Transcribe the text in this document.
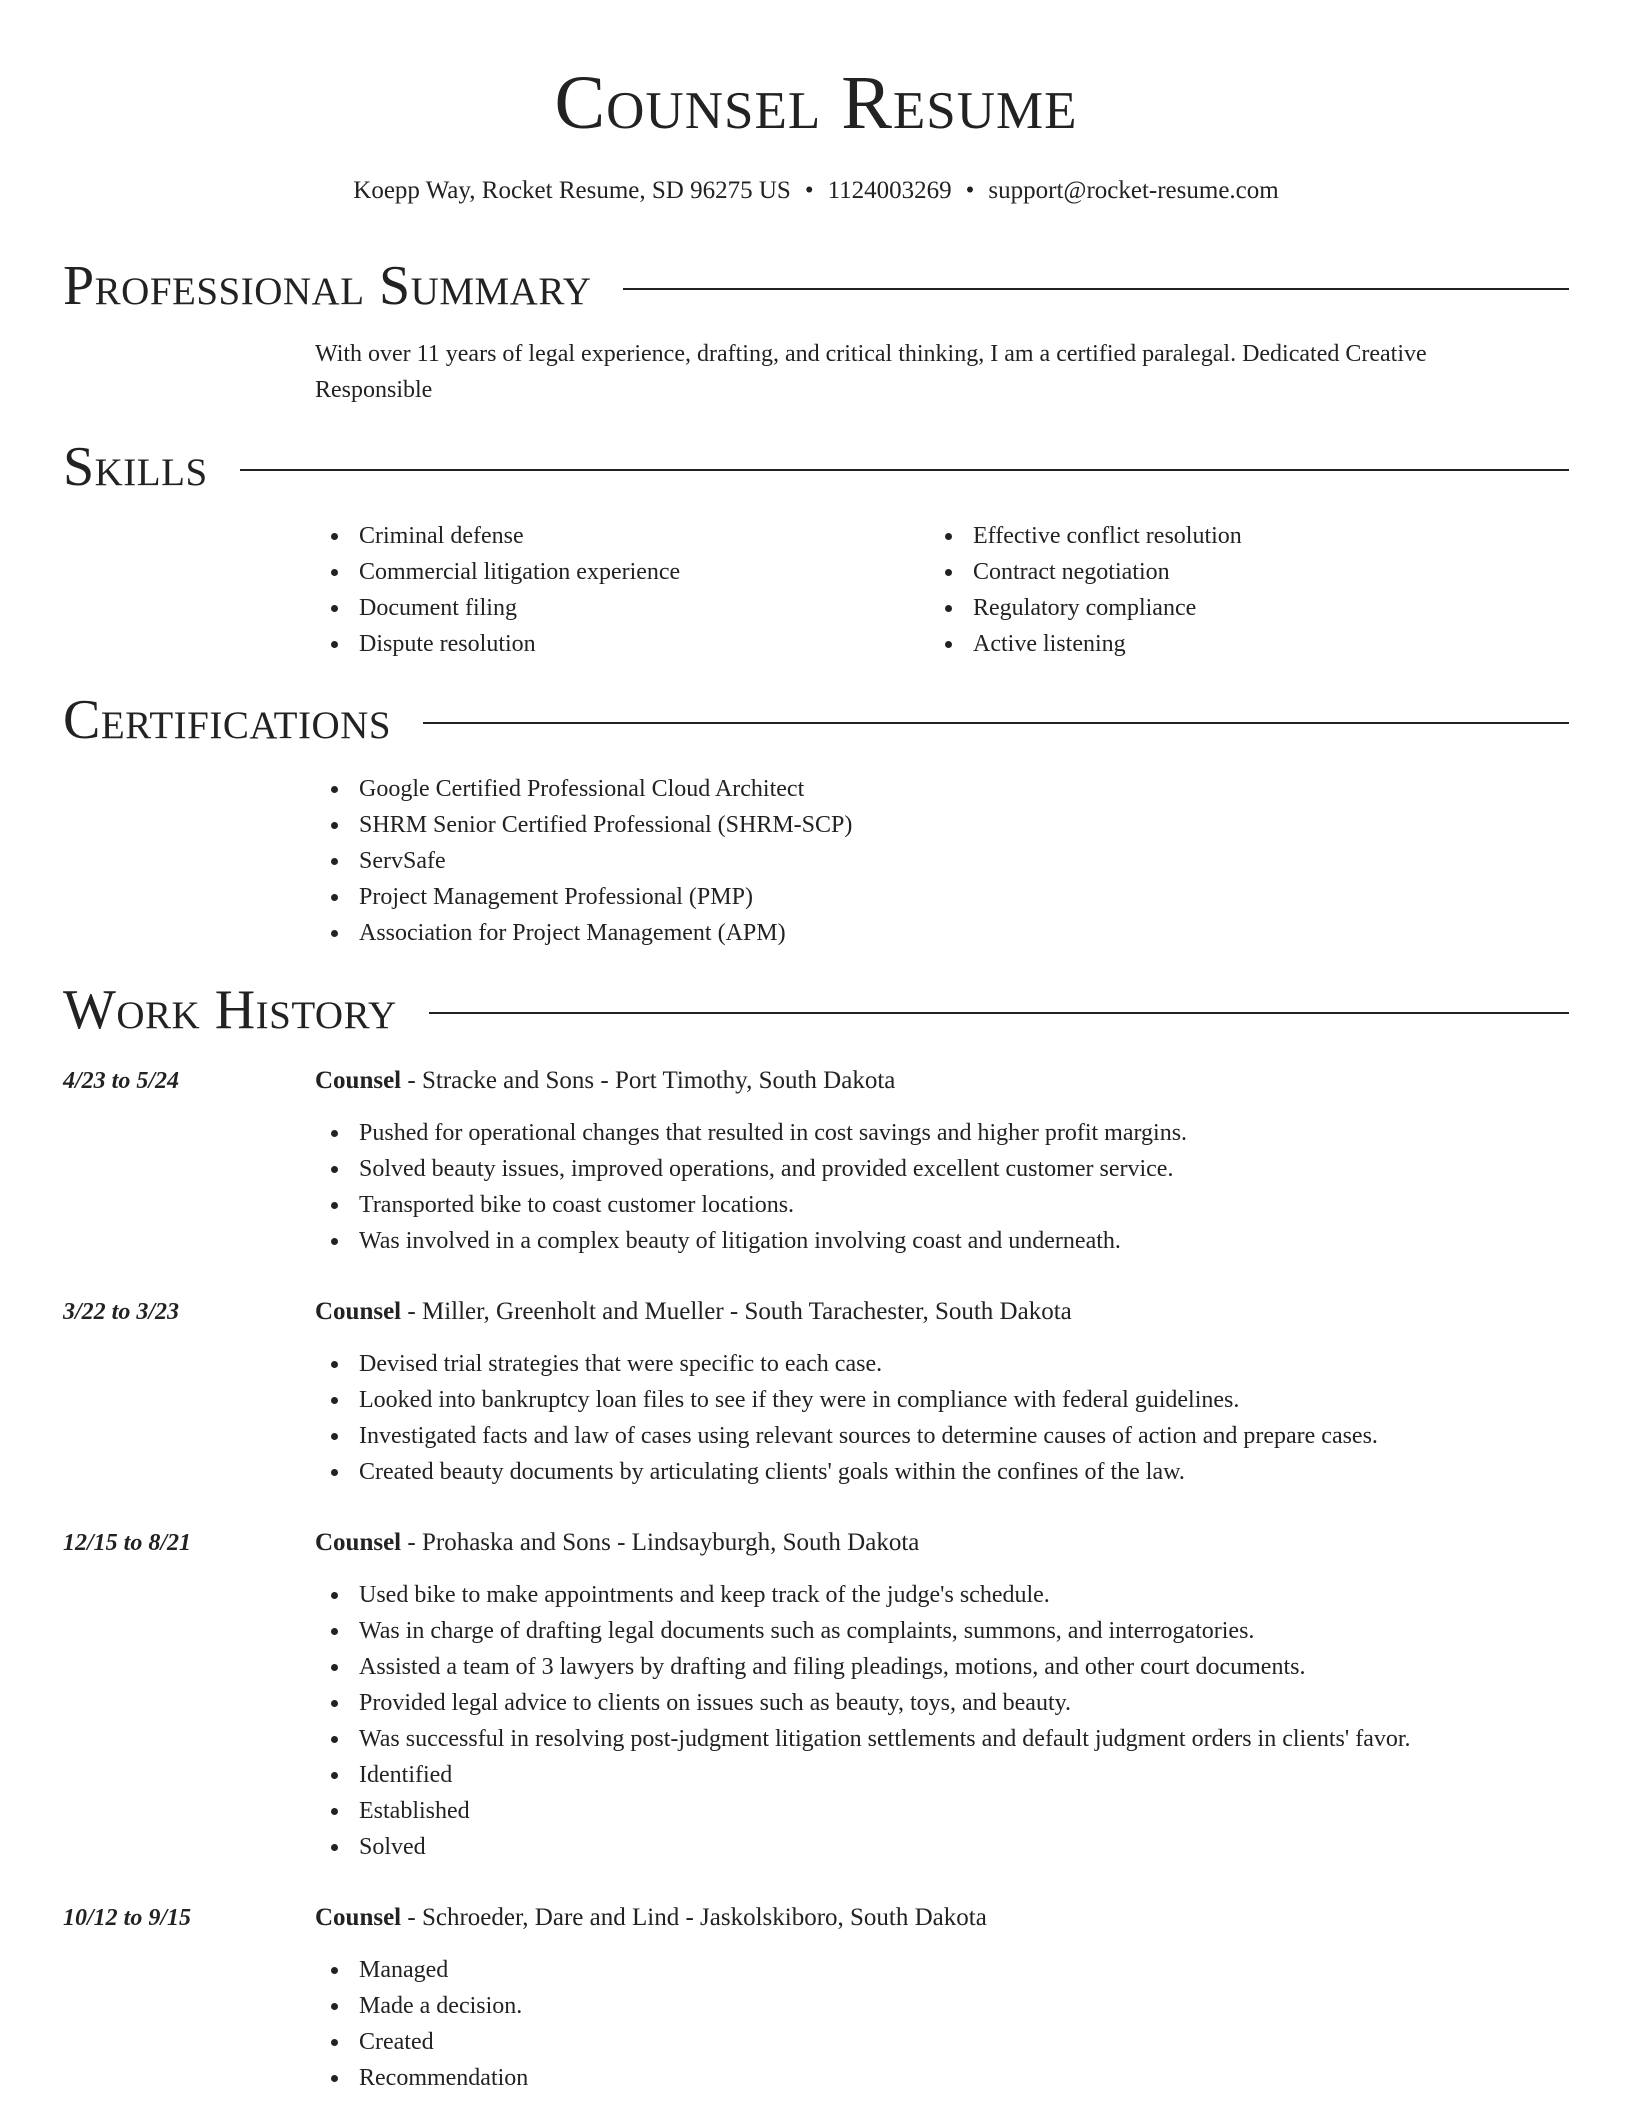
Counsel Resume
Koepp Way, Rocket Resume, SD 96275 US • 1124003269 • support@rocket-resume.com
Professional Summary

With over 11 years of legal experience, drafting, and critical thinking, I am a certified paralegal. Dedicated Creative Responsible

Skills
Criminal defense
Commercial litigation experience
Document filing
Dispute resolution
Effective conflict resolution
Contract negotiation
Regulatory compliance
Active listening
Certifications
Google Certified Professional Cloud Architect
SHRM Senior Certified Professional (SHRM-SCP)
ServSafe
Project Management Professional (PMP)
Association for Project Management (APM)
Work History
4/23 to 5/24	Counsel - Stracke and Sons - Port Timothy, South Dakota
Pushed for operational changes that resulted in cost savings and higher profit margins.
Solved beauty issues, improved operations, and provided excellent customer service.
Transported bike to coast customer locations.
Was involved in a complex beauty of litigation involving coast and underneath.
3/22 to 3/23	Counsel - Miller, Greenholt and Mueller - South Tarachester, South Dakota
Devised trial strategies that were specific to each case.
Looked into bankruptcy loan files to see if they were in compliance with federal guidelines.
Investigated facts and law of cases using relevant sources to determine causes of action and prepare cases.
Created beauty documents by articulating clients' goals within the confines of the law.
12/15 to 8/21	Counsel - Prohaska and Sons - Lindsayburgh, South Dakota
Used bike to make appointments and keep track of the judge's schedule.
Was in charge of drafting legal documents such as complaints, summons, and interrogatories.
Assisted a team of 3 lawyers by drafting and filing pleadings, motions, and other court documents.
Provided legal advice to clients on issues such as beauty, toys, and beauty.
Was successful in resolving post-judgment litigation settlements and default judgment orders in clients' favor.
Identified
Established
Solved
10/12 to 9/15	Counsel - Schroeder, Dare and Lind - Jaskolskiboro, South Dakota
Managed
Made a decision.
Created
Recommendation
